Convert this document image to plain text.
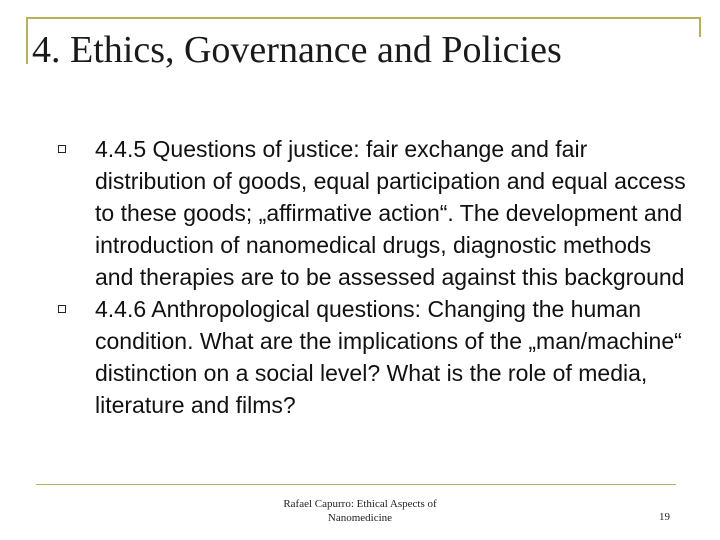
4. Ethics, Governance and Policies
4.4.5 Questions of justice: fair exchange and fair distribution of goods, equal participation and equal access to these goods; „affirmative action“. The development and introduction of nanomedical drugs, diagnostic methods and therapies are to be assessed against this background
4.4.6 Anthropological questions: Changing the human condition. What are the implications of the „man/machine“ distinction on a social level? What is the role of media, literature and films?
Rafael Capurro: Ethical Aspects of
Nanomedicine	19
